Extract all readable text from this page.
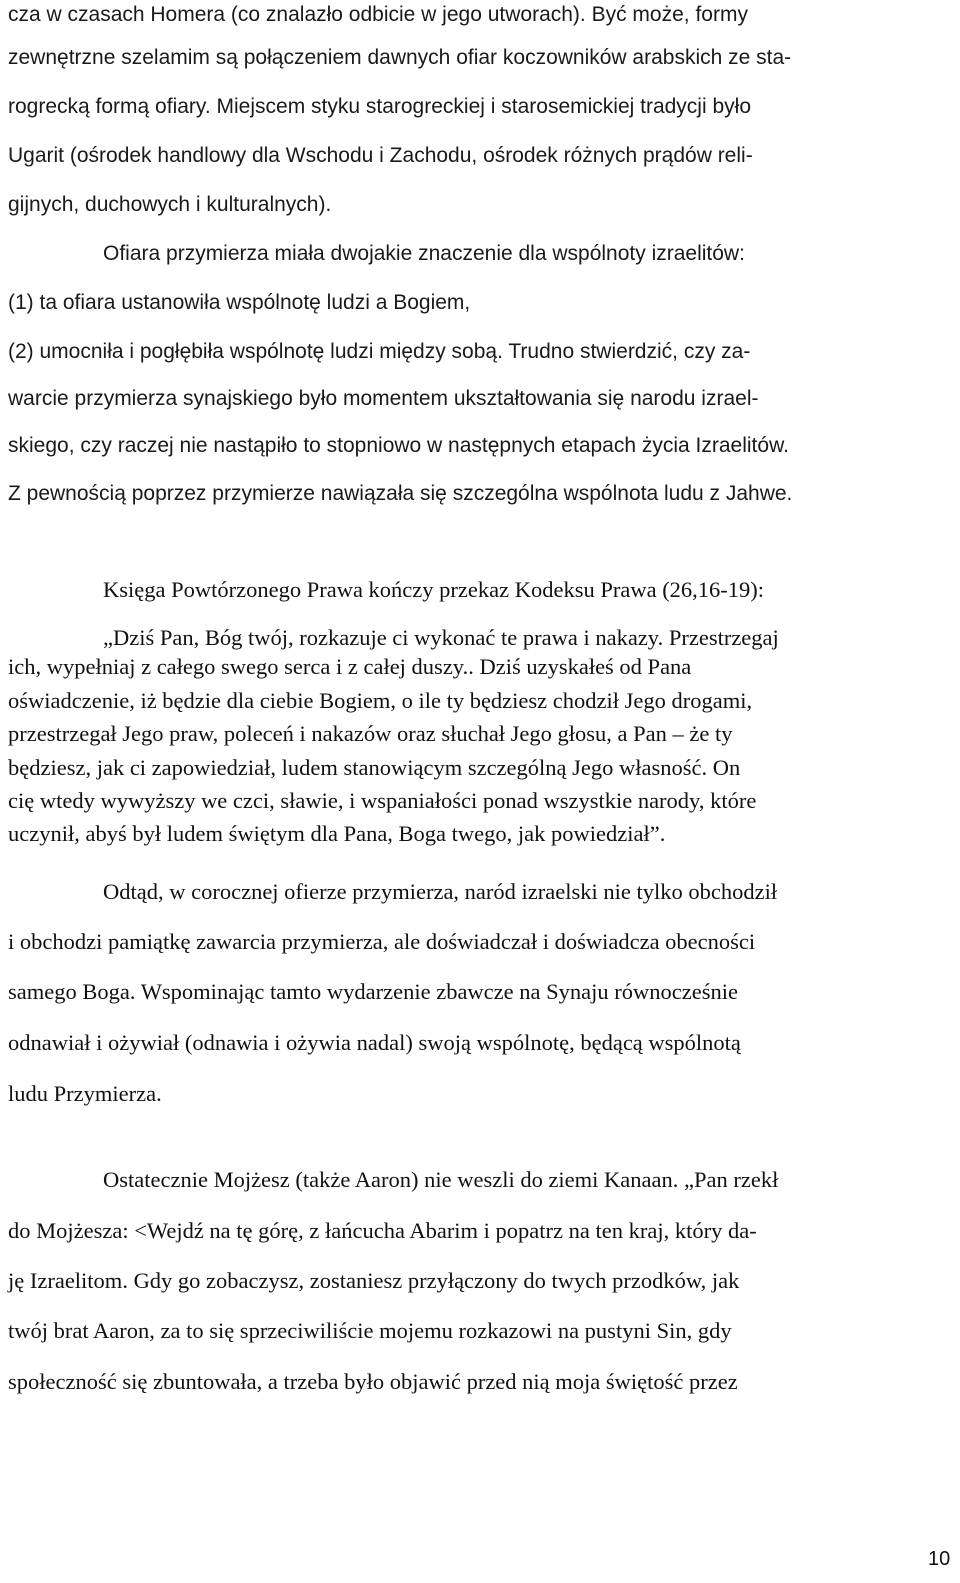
cza w czasach Homera (co znalazło odbicie w jego utworach). Być może, formy

zewnętrzne szelamim są połączeniem dawnych ofiar koczowników arabskich ze sta-

rogrecką formą ofiary. Miejscem styku starogreckiej i starosemickiej tradycji było

Ugarit (ośrodek handlowy dla Wschodu i Zachodu, ośrodek różnych prądów reli-

gijnych, duchowych i kulturalnych).

Ofiara przymierza miała dwojakie znaczenie dla wspólnoty izraelitów:

(1) ta ofiara ustanowiła wspólnotę ludzi a Bogiem,

(2) umocniła i pogłębiła wspólnotę ludzi między sobą. Trudno stwierdzić, czy za-

warcie przymierza synajskiego było momentem ukształtowania się narodu izrael-

skiego, czy raczej nie nastąpiło to stopniowo w następnych etapach życia Izraelitów.

Z pewnością poprzez przymierze nawiązała się szczególna wspólnota ludu z Jahwe.

Księga Powtórzonego Prawa kończy przekaz Kodeksu Prawa (26,16-19):

„Dziś Pan, Bóg twój, rozkazuje ci wykonać te prawa i nakazy. Przestrzegaj

ich, wypełniaj z całego swego serca i z całej duszy.. Dziś uzyskałeś od Pana

oświadczenie, iż będzie dla ciebie Bogiem, o ile ty będziesz chodził Jego drogami,

przestrzegał Jego praw, poleceń i nakazów oraz słuchał Jego głosu, a Pan – że ty

będziesz, jak ci zapowiedział, ludem stanowiącym szczególną Jego własność. On

cię wtedy wywyższy we czci, sławie, i wspaniałości ponad wszystkie narody, które

uczynił, abyś był ludem świętym dla Pana, Boga twego, jak powiedział”.

Odtąd, w corocznej ofierze przymierza, naród izraelski nie tylko obchodził

i obchodzi pamiątkę zawarcia przymierza, ale doświadczał i doświadcza obecności

samego Boga. Wspominając tamto wydarzenie zbawcze na Synaju równocześnie

odnawiał i ożywiał (odnawia i ożywia nadal) swoją wspólnotę, będącą wspólnotą

ludu Przymierza.

Ostatecznie Mojżesz (także Aaron) nie weszli do ziemi Kanaan. „Pan rzekł

do Mojżesza: <Wejdź na tę górę, z łańcucha Abarim i popatrz na ten kraj, który da-

ję Izraelitom. Gdy go zobaczysz, zostaniesz przyłączony do twych przodków, jak

twój brat Aaron, za to się sprzeciwiliście mojemu rozkazowi na pustyni Sin, gdy

społeczność się zbuntowała, a trzeba było objawić przed nią moja świętość przez

10
